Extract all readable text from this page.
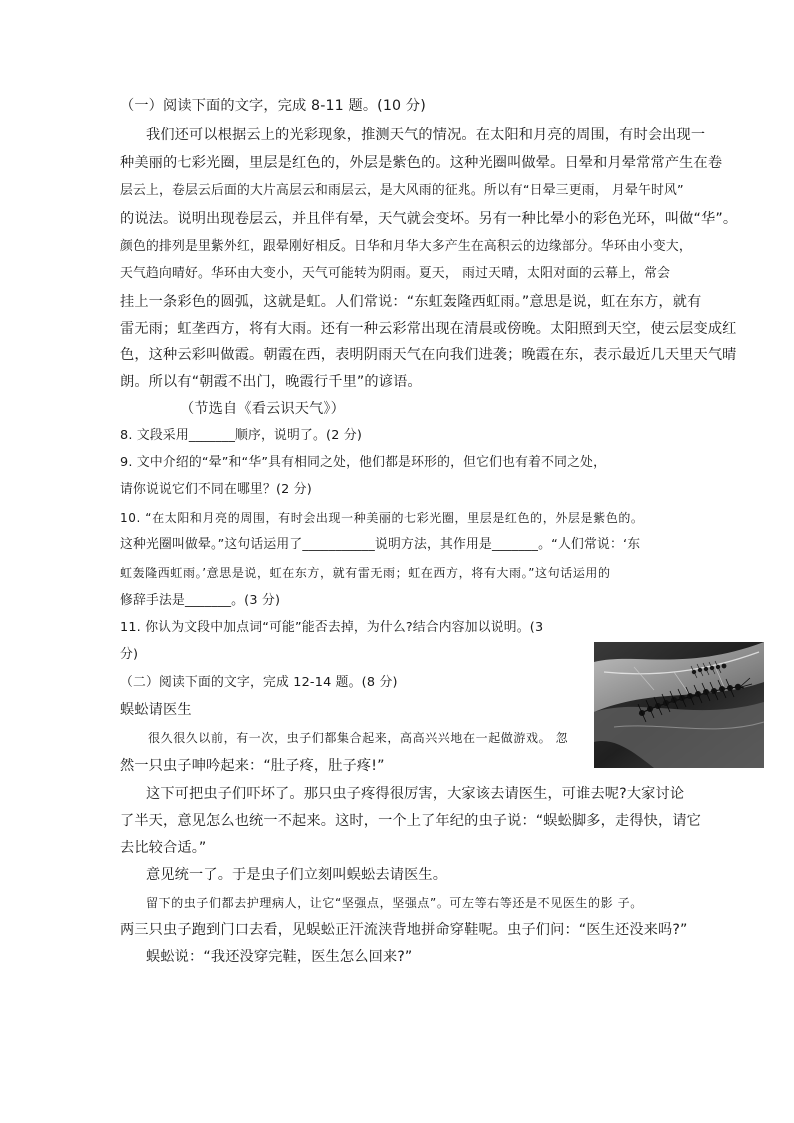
（一）阅读下面的文字，完成 8-11 题。(10 分)
我们还可以根据云上的光彩现象，推测天气的情况。在太阳和月亮的周围，有时会出现一
种美丽的七彩光圈，里层是红色的，外层是紫色的。这种光圈叫做晕。日晕和月晕常常产生在卷
层云上，卷层云后面的大片高层云和雨层云，是大风雨的征兆。所以有“日晕三更雨， 月晕午时风”
的说法。说明出现卷层云，并且伴有晕，天气就会变坏。另有一种比晕小的彩色光环，叫做“华”。
颜色的排列是里紫外红，跟晕刚好相反。日华和月华大多产生在高积云的边缘部分。华环由小变大，
天气趋向晴好。华环由大变小，天气可能转为阴雨。夏天， 雨过天晴，太阳对面的云幕上，常会
挂上一条彩色的圆弧，这就是虹。人们常说：“东虹轰隆西虹雨。”意思是说，虹在东方，就有
雷无雨；虹垄西方，将有大雨。还有一种云彩常出现在清晨或傍晚。太阳照到天空，使云层变成红
色，这种云彩叫做霞。朝霞在西，表明阴雨天气在向我们进袭；晚霞在东，表示最近几天里天气晴
朗。所以有“朝霞不出门，晚霞行千里”的谚语。
（节选自《看云识天气》）
8. 文段采用_______顺序，说明了。(2 分)
9. 文中介绍的“晕”和“华”具有相同之处，他们都是环形的，但它们也有着不同之处，
请你说说它们不同在哪里？(2 分)
10. “在太阳和月亮的周围，有时会出现一种美丽的七彩光圈，里层是红色的，外层是紫色的。
这种光圈叫做晕。”这句话运用了___________说明方法，其作用是_______。“人们常说：‘东
虹轰隆西虹雨。’意思是说，虹在东方，就有雷无雨；虹在西方，将有大雨。”这句话运用的
修辞手法是_______。(3 分)
11. 你认为文段中加点词“可能”能否去掉，为什么?结合内容加以说明。(3
分)
（二）阅读下面的文字，完成 12-14 题。(8 分)
蜈蚣请医生
很久很久以前，有一次，虫子们都集合起来，高高兴兴地在一起做游戏。 忽
然一只虫子呻吟起来：“肚子疼，肚子疼!”
这下可把虫子们吓坏了。那只虫子疼得很厉害，大家该去请医生，可谁去呢?大家讨论
了半天，意见怎么也统一不起来。这时，一个上了年纪的虫子说：“蜈蚣脚多，走得快，请它
去比较合适。”
意见统一了。于是虫子们立刻叫蜈蚣去请医生。
留下的虫子们都去护理病人，让它“坚强点，坚强点”。可左等右等还是不见医生的影 子。
两三只虫子跑到门口去看，见蜈蚣正汗流浃背地拼命穿鞋呢。虫子们问：“医生还没来吗?”
蜈蚣说：“我还没穿完鞋，医生怎么回来?”
